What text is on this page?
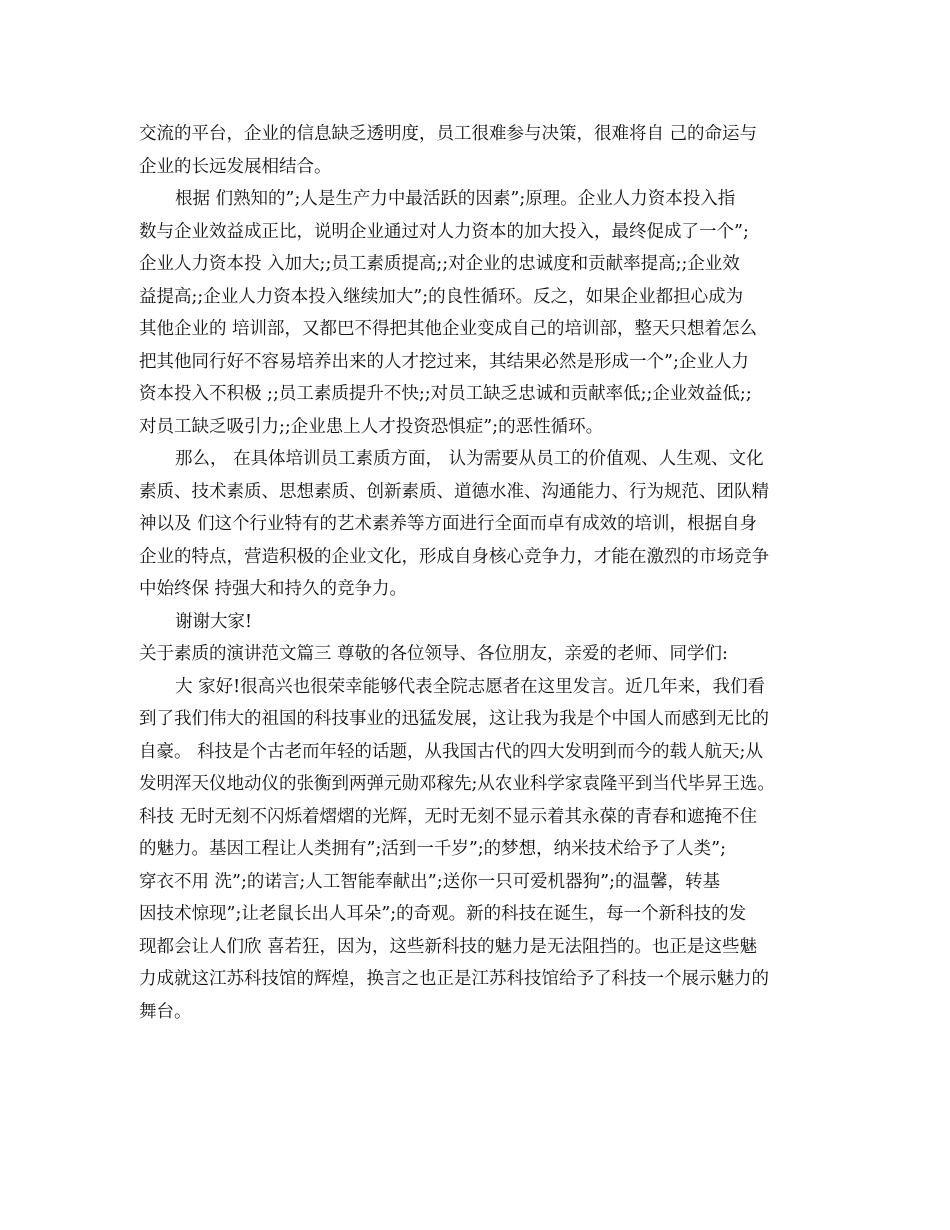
交流的平台，企业的信息缺乏透明度，员工很难参与决策，很难将自 己的命运与
企业的长远发展相结合。
根据 们熟知的”;人是生产力中最活跃的因素”;原理。企业人力资本投入指
数与企业效益成正比，说明企业通过对人力资本的加大投入，最终促成了一个”;
企业人力资本投 入加大;;员工素质提高;;对企业的忠诚度和贡献率提高;;企业效
益提高;;企业人力资本投入继续加大”;的良性循环。反之，如果企业都担心成为
其他企业的 培训部，又都巴不得把其他企业变成自己的培训部，整天只想着怎么
把其他同行好不容易培养出来的人才挖过来，其结果必然是形成一个”;企业人力
资本投入不积极 ;;员工素质提升不快;;对员工缺乏忠诚和贡献率低;;企业效益低;;
对员工缺乏吸引力;;企业患上人才投资恐惧症”;的恶性循环。
那么， 在具体培训员工素质方面， 认为需要从员工的价值观、人生观、文化
素质、技术素质、思想素质、创新素质、道德水准、沟通能力、行为规范、团队精
神以及 们这个行业特有的艺术素养等方面进行全面而卓有成效的培训，根据自身
企业的特点，营造积极的企业文化，形成自身核心竞争力，才能在激烈的市场竞争
中始终保 持强大和持久的竞争力。
谢谢大家!
关于素质的演讲范文篇三 尊敬的各位领导、各位朋友，亲爱的老师、同学们:
大 家好!很高兴也很荣幸能够代表全院志愿者在这里发言。近几年来，我们看
到了我们伟大的祖国的科技事业的迅猛发展，这让我为我是个中国人而感到无比的
自豪。 科技是个古老而年轻的话题，从我国古代的四大发明到而今的载人航天;从
发明浑天仪地动仪的张衡到两弹元勋邓稼先;从农业科学家袁隆平到当代毕昇王选。
科技 无时无刻不闪烁着熠熠的光辉，无时无刻不显示着其永葆的青春和遮掩不住
的魅力。基因工程让人类拥有”;活到一千岁”;的梦想，纳米技术给予了人类”;
穿衣不用 洗”;的诺言;人工智能奉献出”;送你一只可爱机器狗”;的温馨，转基
因技术惊现”;让老鼠长出人耳朵”;的奇观。新的科技在诞生，每一个新科技的发
现都会让人们欣 喜若狂，因为，这些新科技的魅力是无法阻挡的。也正是这些魅
力成就这江苏科技馆的辉煌，换言之也正是江苏科技馆给予了科技一个展示魅力的
舞台。
